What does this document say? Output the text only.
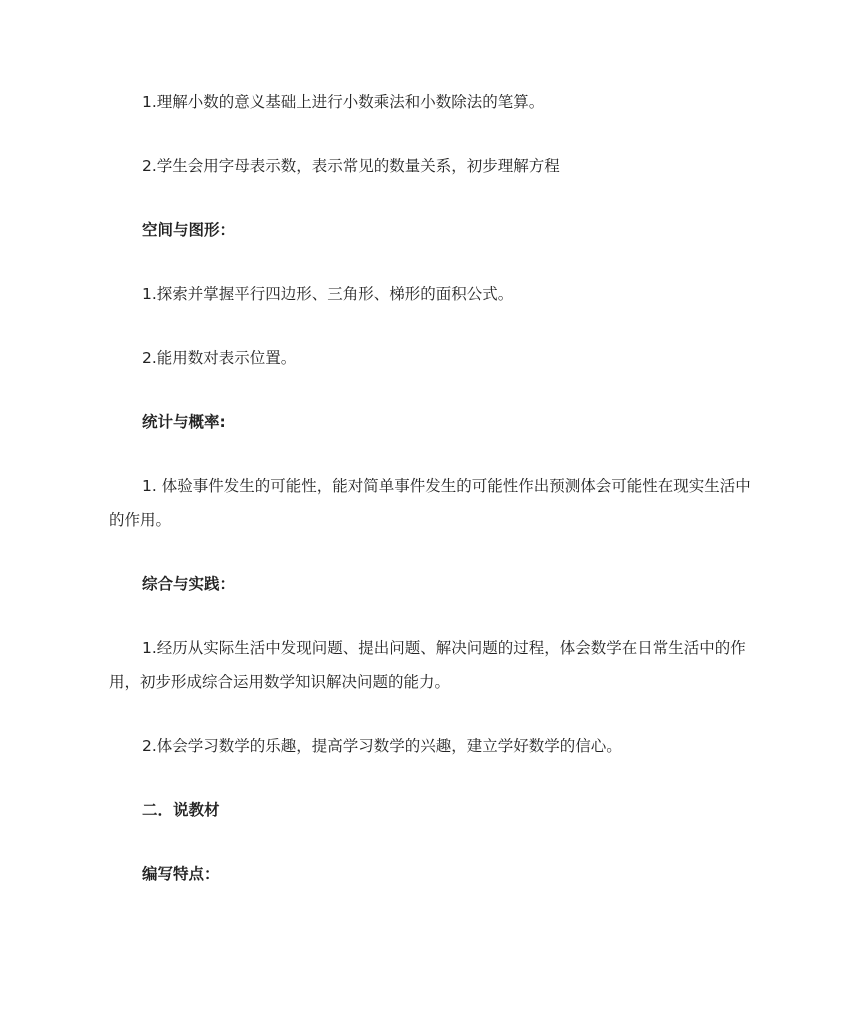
1.理解小数的意义基础上进行小数乘法和小数除法的笔算。

2.学生会用字母表示数，表示常见的数量关系，初步理解方程

空间与图形：

1.探索并掌握平行四边形、三角形、梯形的面积公式。

2.能用数对表示位置。

统计与概率:

1. 体验事件发生的可能性，能对简单事件发生的可能性作出预测体会可能性在现实生活中的作用。

综合与实践：

1.经历从实际生活中发现问题、提出问题、解决问题的过程，体会数学在日常生活中的作用，初步形成综合运用数学知识解决问题的能力。

2.体会学习数学的乐趣，提高学习数学的兴趣，建立学好数学的信心。

二．说教材

编写特点：
